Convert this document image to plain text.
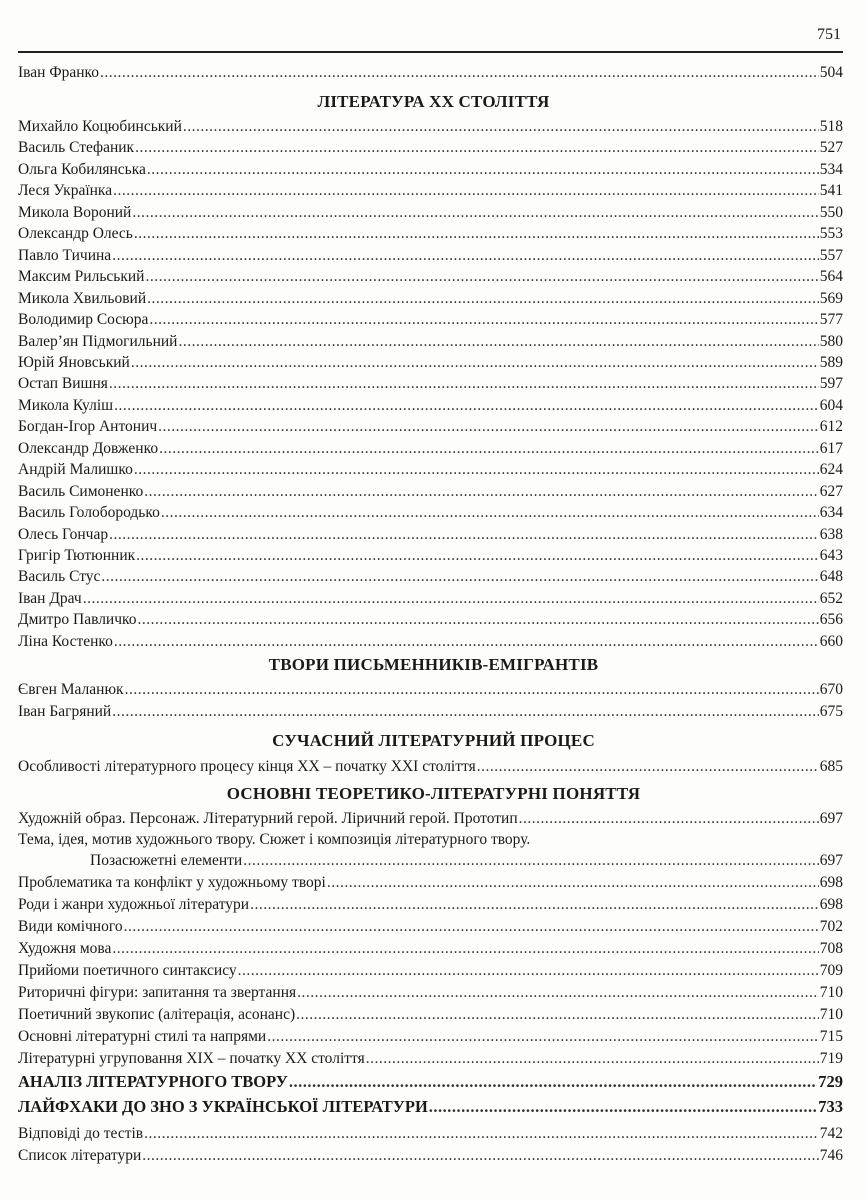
751
Іван Франко .....	504
ЛІТЕРАТУРА XX СТОЛІТТЯ
Михайло Коцюбинський .....	518
Василь Стефаник .....	527
Ольга Кобилянська .....	534
Леся Українка .....	541
Микола Вороний .....	550
Олександр Олесь .....	553
Павло Тичина .....	557
Максим Рильський .....	564
Микола Хвильовий .....	569
Володимир Сосюра .....	577
Валер’ян Підмогильний .....	580
Юрій Яновський .....	589
Остап Вишня .....	597
Микола Куліш .....	604
Богдан-Ігор Антонич .....	612
Олександр Довженко .....	617
Андрій Малишко .....	624
Василь Симоненко .....	627
Василь Голобородько .....	634
Олесь Гончар .....	638
Григір Тютюнник .....	643
Василь Стус .....	648
Іван Драч .....	652
Дмитро Павличко .....	656
Ліна Костенко .....	660
ТВОРИ ПИСЬМЕННИКІВ-ЕМІГРАНТІВ
Євген Маланюк .....	670
Іван Багряний .....	675
СУЧАСНИЙ ЛІТЕРАТУРНИЙ ПРОЦЕС
Особливості літературного процесу кінця XX – початку XXI століття .....	685
ОСНОВНІ ТЕОРЕТИКО-ЛІТЕРАТУРНІ ПОНЯТТЯ
Художній образ. Персонаж. Літературний герой. Ліричний герой. Прототип .....	697
Тема, ідея, мотив художнього твору. Сюжет і композиція літературного твору.
Позасюжетні елементи .....	697
Проблематика та конфлікт у художньому творі .....	698
Роди і жанри художньої літератури .....	698
Види комічного .....	702
Художня мова .....	708
Прийоми поетичного синтаксису .....	709
Риторичні фігури: запитання та звертання .....	710
Поетичний звукопис (алітерація, асонанс) .....	710
Основні літературні стилі та напрями .....	715
Літературні угруповання XIX – початку XX століття .....	719
АНАЛІЗ ЛІТЕРАТУРНОГО ТВОРУ .....	729
ЛАЙФХАКИ ДО ЗНО З УКРАЇНСЬКОЇ ЛІТЕРАТУРИ .....	733
Відповіді до тестів .....	742
Список літератури .....	746
